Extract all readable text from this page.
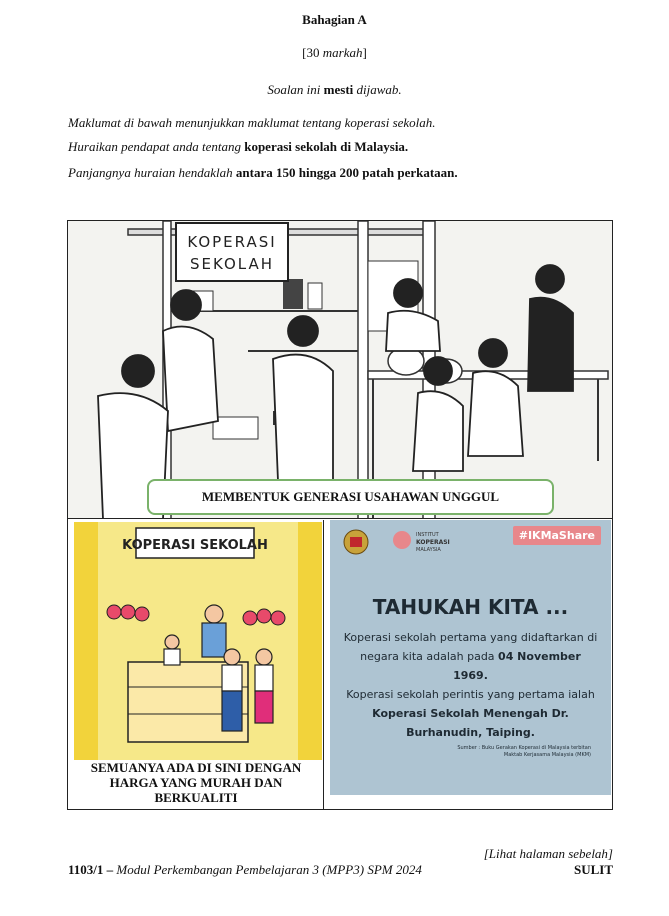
Bahagian A
[30 markah]
Soalan ini mesti dijawab.
Maklumat di bawah menunjukkan maklumat tentang koperasi sekolah.
Huraikan pendapat anda tentang koperasi sekolah di Malaysia.
Panjangnya huraian hendaklah antara 150 hingga 200 patah perkataan.
KOPERASI
SEKOLAH
MEMBENTUK GENERASI USAHAWAN UNGGUL
KOPERASI SEKOLAH
SEMUANYA ADA DI SINI DENGAN HARGA YANG MURAH DAN BERKUALITI
#IKMaShare
INSTITUT
KOPERASI
MALAYSIA
TAHUKAH KITA ...
Koperasi sekolah pertama yang didaftarkan di negara kita adalah pada 04 November 1969.
Koperasi sekolah perintis yang pertama ialah Koperasi Sekolah Menengah Dr. Burhanudin, Taiping.
Sumber : Buku Gerakan Koperasi di Malaysia terbitan
Maktab Kerjasama Malaysia (MKM)
[Lihat halaman sebelah]
1103/1 – Modul Perkembangan Pembelajaran 3 (MPP3) SPM 2024	SULIT
